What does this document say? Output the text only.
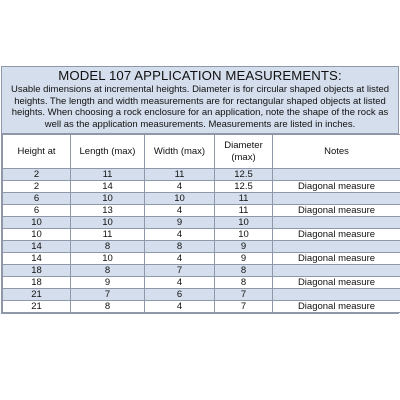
MODEL 107 APPLICATION MEASUREMENTS:

Usable dimensions at incremental heights. Diameter is for circular shaped objects at listed heights. The length and width measurements are for rectangular shaped objects at listed heights. When choosing a rock enclosure for an application, note the shape of the rock as well as the application measurements. Measurements are listed in inches.

Height at	Length (max)	Width (max)	Diameter (max)	Notes
2	11	11	12.5	
2	14	4	12.5	Diagonal measure
6	10	10	11	
6	13	4	11	Diagonal measure
10	10	9	10	
10	11	4	10	Diagonal measure
14	8	8	9	
14	10	4	9	Diagonal measure
18	8	7	8	
18	9	4	8	Diagonal measure
21	7	6	7	
21	8	4	7	Diagonal measure
